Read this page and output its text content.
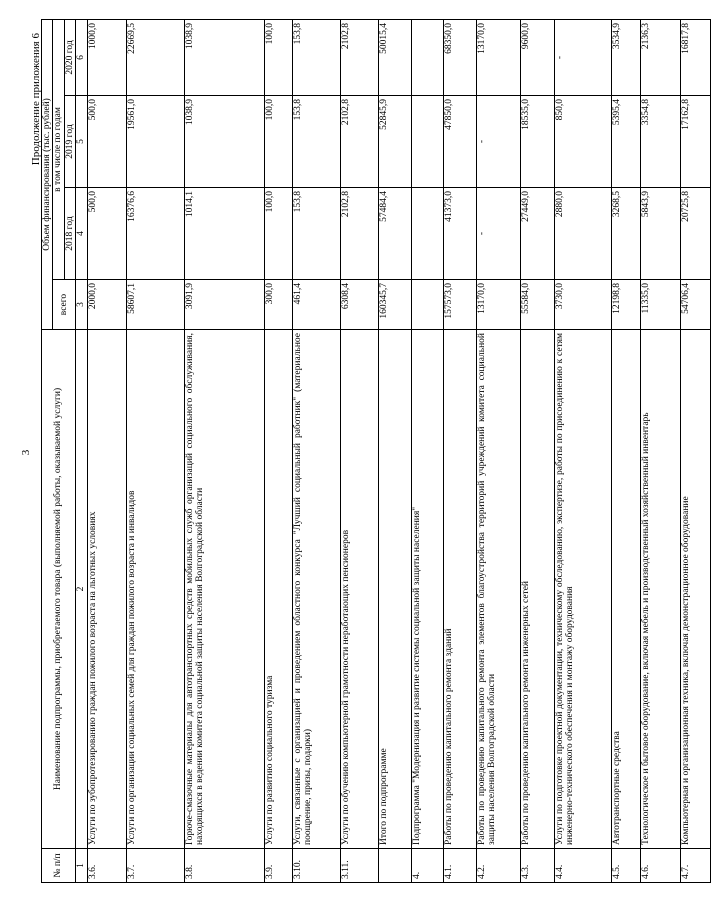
3
Продолжение приложения 6
№ п/п	Наименование подпрограммы, приобретаемого товара (выполняемой работы, оказываемой услуги)	Объем финансирования (тыс. рублей)			
		всего	в том числе по годам		
			2018 год	2019 год	2020 год
1	2	3	4	5	6
3.6.	Услуги по зубопротезированию граждан пожилого возраста на льготных условиях	2000,0	500,0	500,0	1000,0
3.7.	Услуги по организации социальных семей для граждан пожилого возраста и инвалидов	58607,1	16376,6	19561,0	22669,5
3.8.	Горюче-смазочные материалы для автотранспортных средств мобильных служб организаций социального обслуживания, находящихся в ведении комитета социальной защиты населения Волгоградской области	3091,9	1014,1	1038,9	1038,9
3.9.	Услуги по развитию социального туризма	300,0	100,0	100,0	100,0
3.10.	Услуги, связанные с организацией и проведением областного конкурса "Лучший социальный работник" (материальное поощрение, призы, подарки)	461,4	153,8	153,8	153,8
3.11.	Услуги по обучению компьютерной грамотности неработающих пенсионеров	6308,4	2102,8	2102,8	2102,8
	Итого по подпрограмме	160345,7	57484,4	52845,9	50015,4
4.	Подпрограмма "Модернизация и развитие системы социальной защиты населения"				
4.1.	Работы по проведению капитального ремонта зданий	157573,0	41373,0	47850,0	68350,0
4.2.	Работы по проведению капитального ремонта элементов благоустройства территорий учреждений комитета социальной защиты населения Волгоградской области	13170,0	-	-	13170,0
4.3.	Работы по проведению капитального ремонта инженерных сетей	55584,0	27449,0	18535,0	9600,0
4.4.	Услуги по подготовке проектной документации, техническому обследованию, экспертизе, работы по присоединению к сетям инженерно-технического обеспечения и монтажу оборудования	3730,0	2880,0	850,0	-
4.5.	Автотранспортные средства	12198,8	3268,5	5395,4	3534,9
4.6.	Технологическое и бытовое оборудование, включая мебель и производственный хозяйственный инвентарь	11335,0	5843,9	3354,8	2136,3
4.7.	Компьютерная и организационная техника, включая демонстрационное оборудование	54706,4	20725,8	17162,8	16817,8
